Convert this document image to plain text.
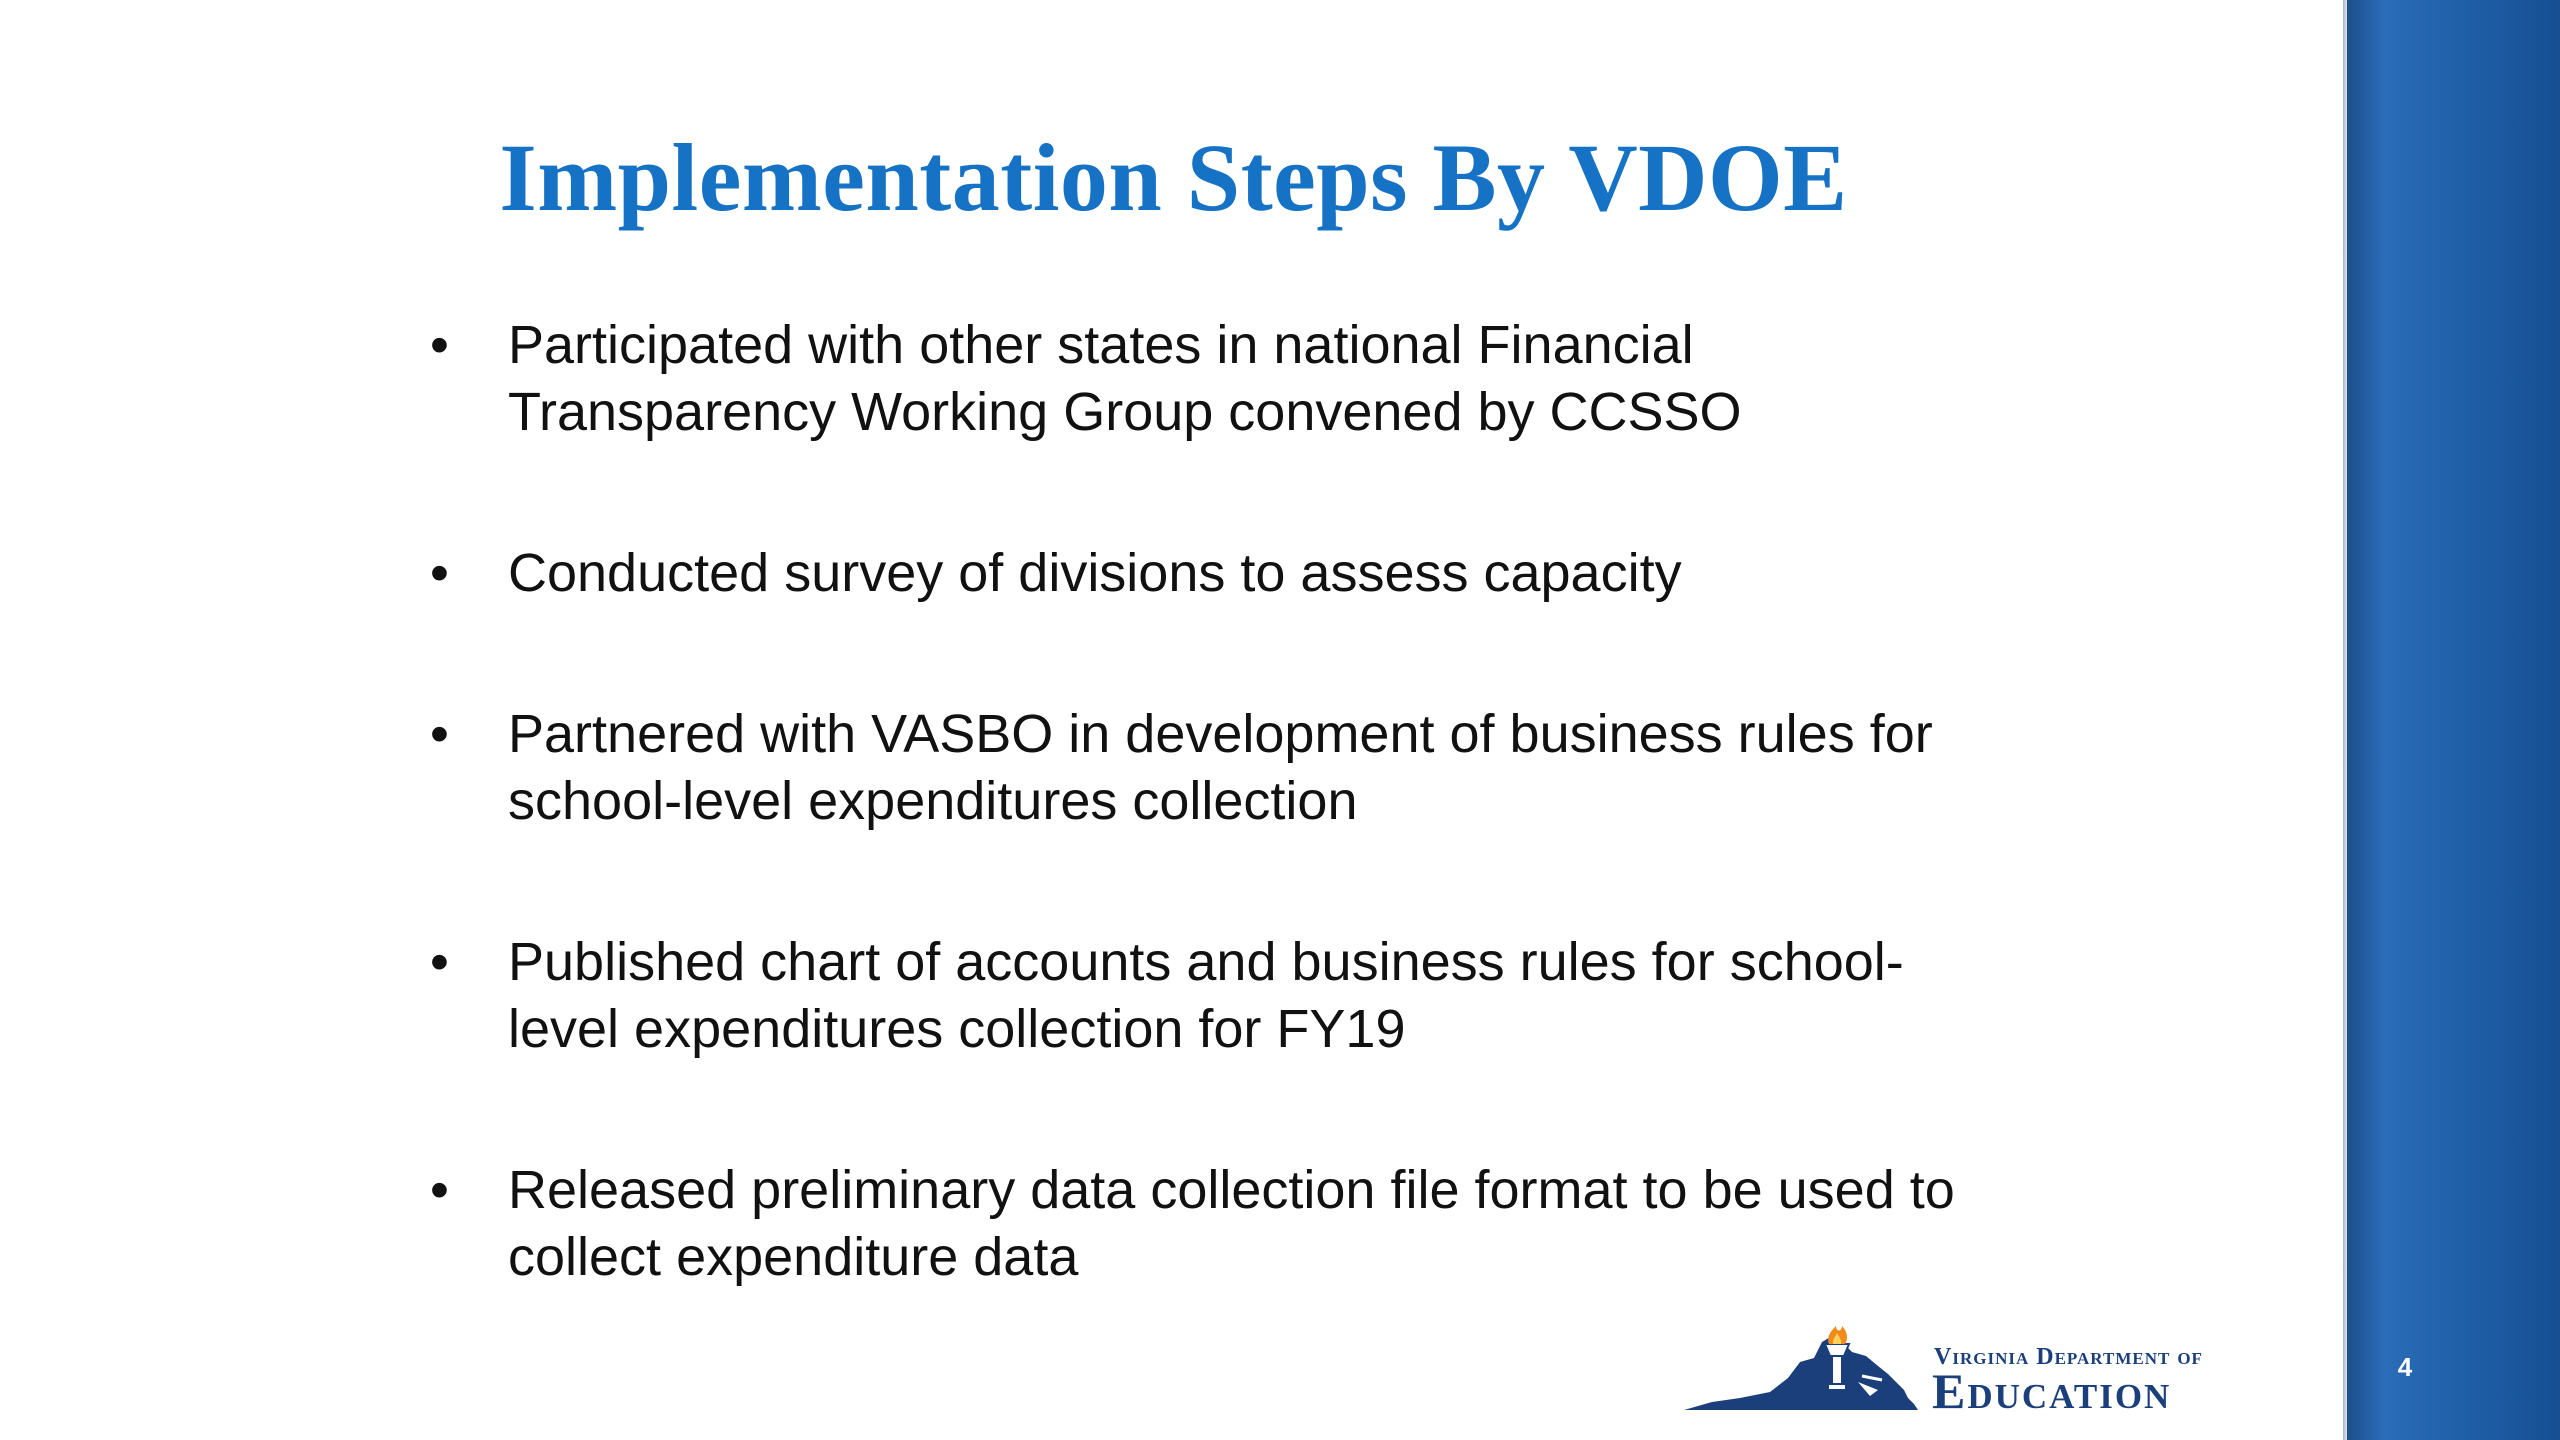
Implementation Steps By VDOE
•	Participated with other states in national Financial Transparency Working Group convened by CCSSO
•	Conducted survey of divisions to assess capacity
•	Partnered with VASBO in development of business rules for school-level expenditures collection
•	Published chart of accounts and business rules for school-level expenditures collection for FY19
•	Released preliminary data collection file format to be used to collect expenditure data
Virginia Department of
Education	4
